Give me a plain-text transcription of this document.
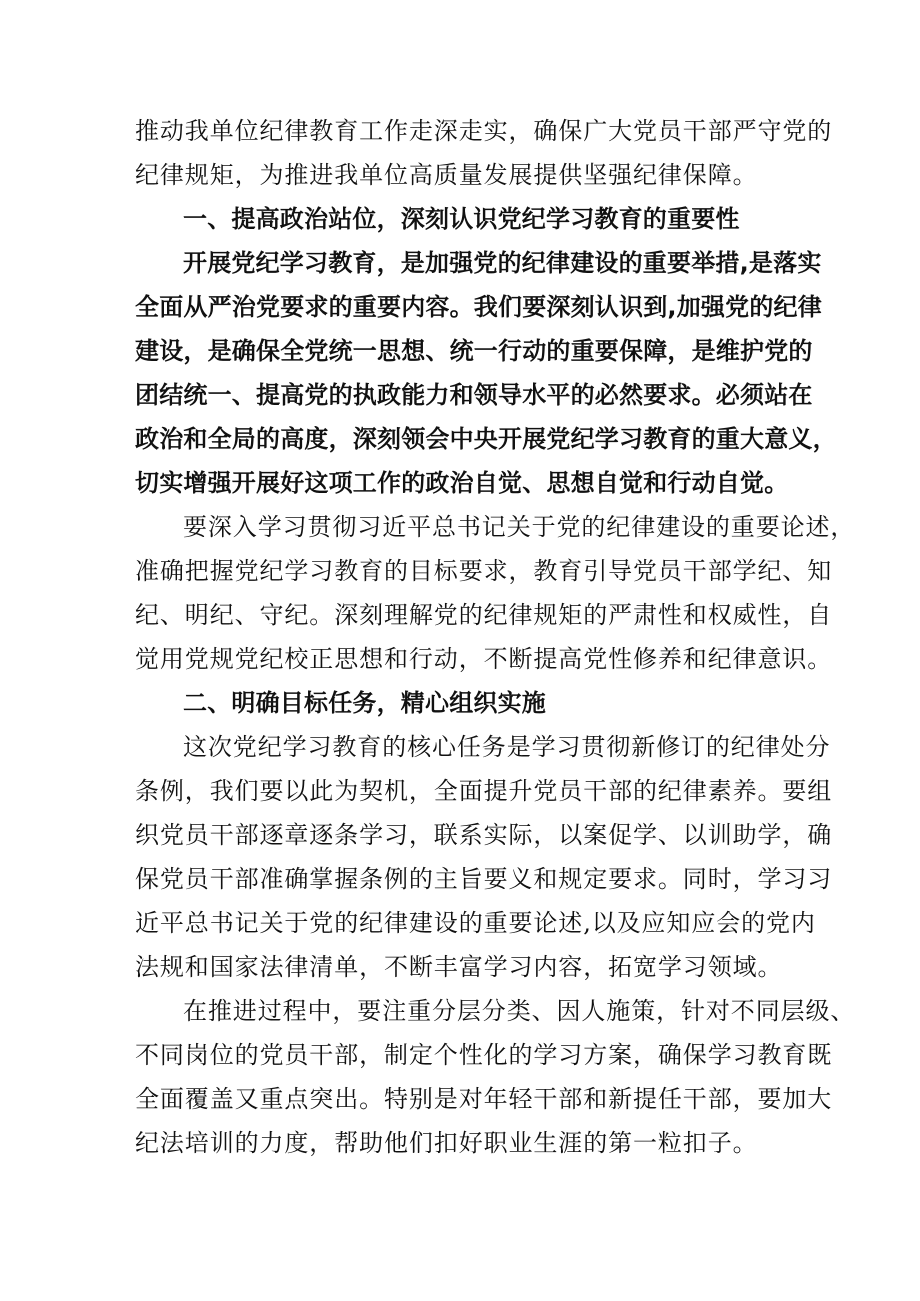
推动我单位纪律教育工作走深走实，确保广大党员干部严守党的
纪律规矩，为推进我单位高质量发展提供坚强纪律保障。
一、提高政治站位，深刻认识党纪学习教育的重要性
开展党纪学习教育，是加强党的纪律建设的重要举措,是落实
全面从严治党要求的重要内容。我们要深刻认识到,加强党的纪律
建设，是确保全党统一思想、统一行动的重要保障，是维护党的
团结统一、提高党的执政能力和领导水平的必然要求。必须站在
政治和全局的高度，深刻领会中央开展党纪学习教育的重大意义，
切实增强开展好这项工作的政治自觉、思想自觉和行动自觉。
要深入学习贯彻习近平总书记关于党的纪律建设的重要论述，
准确把握党纪学习教育的目标要求，教育引导党员干部学纪、知
纪、明纪、守纪。深刻理解党的纪律规矩的严肃性和权威性，自
觉用党规党纪校正思想和行动，不断提高党性修养和纪律意识。
二、明确目标任务，精心组织实施
这次党纪学习教育的核心任务是学习贯彻新修订的纪律处分
条例，我们要以此为契机，全面提升党员干部的纪律素养。要组
织党员干部逐章逐条学习，联系实际，以案促学、以训助学，确
保党员干部准确掌握条例的主旨要义和规定要求。同时，学习习
近平总书记关于党的纪律建设的重要论述,以及应知应会的党内
法规和国家法律清单，不断丰富学习内容，拓宽学习领域。
在推进过程中，要注重分层分类、因人施策，针对不同层级、
不同岗位的党员干部，制定个性化的学习方案，确保学习教育既
全面覆盖又重点突出。特别是对年轻干部和新提任干部，要加大
纪法培训的力度，帮助他们扣好职业生涯的第一粒扣子。
